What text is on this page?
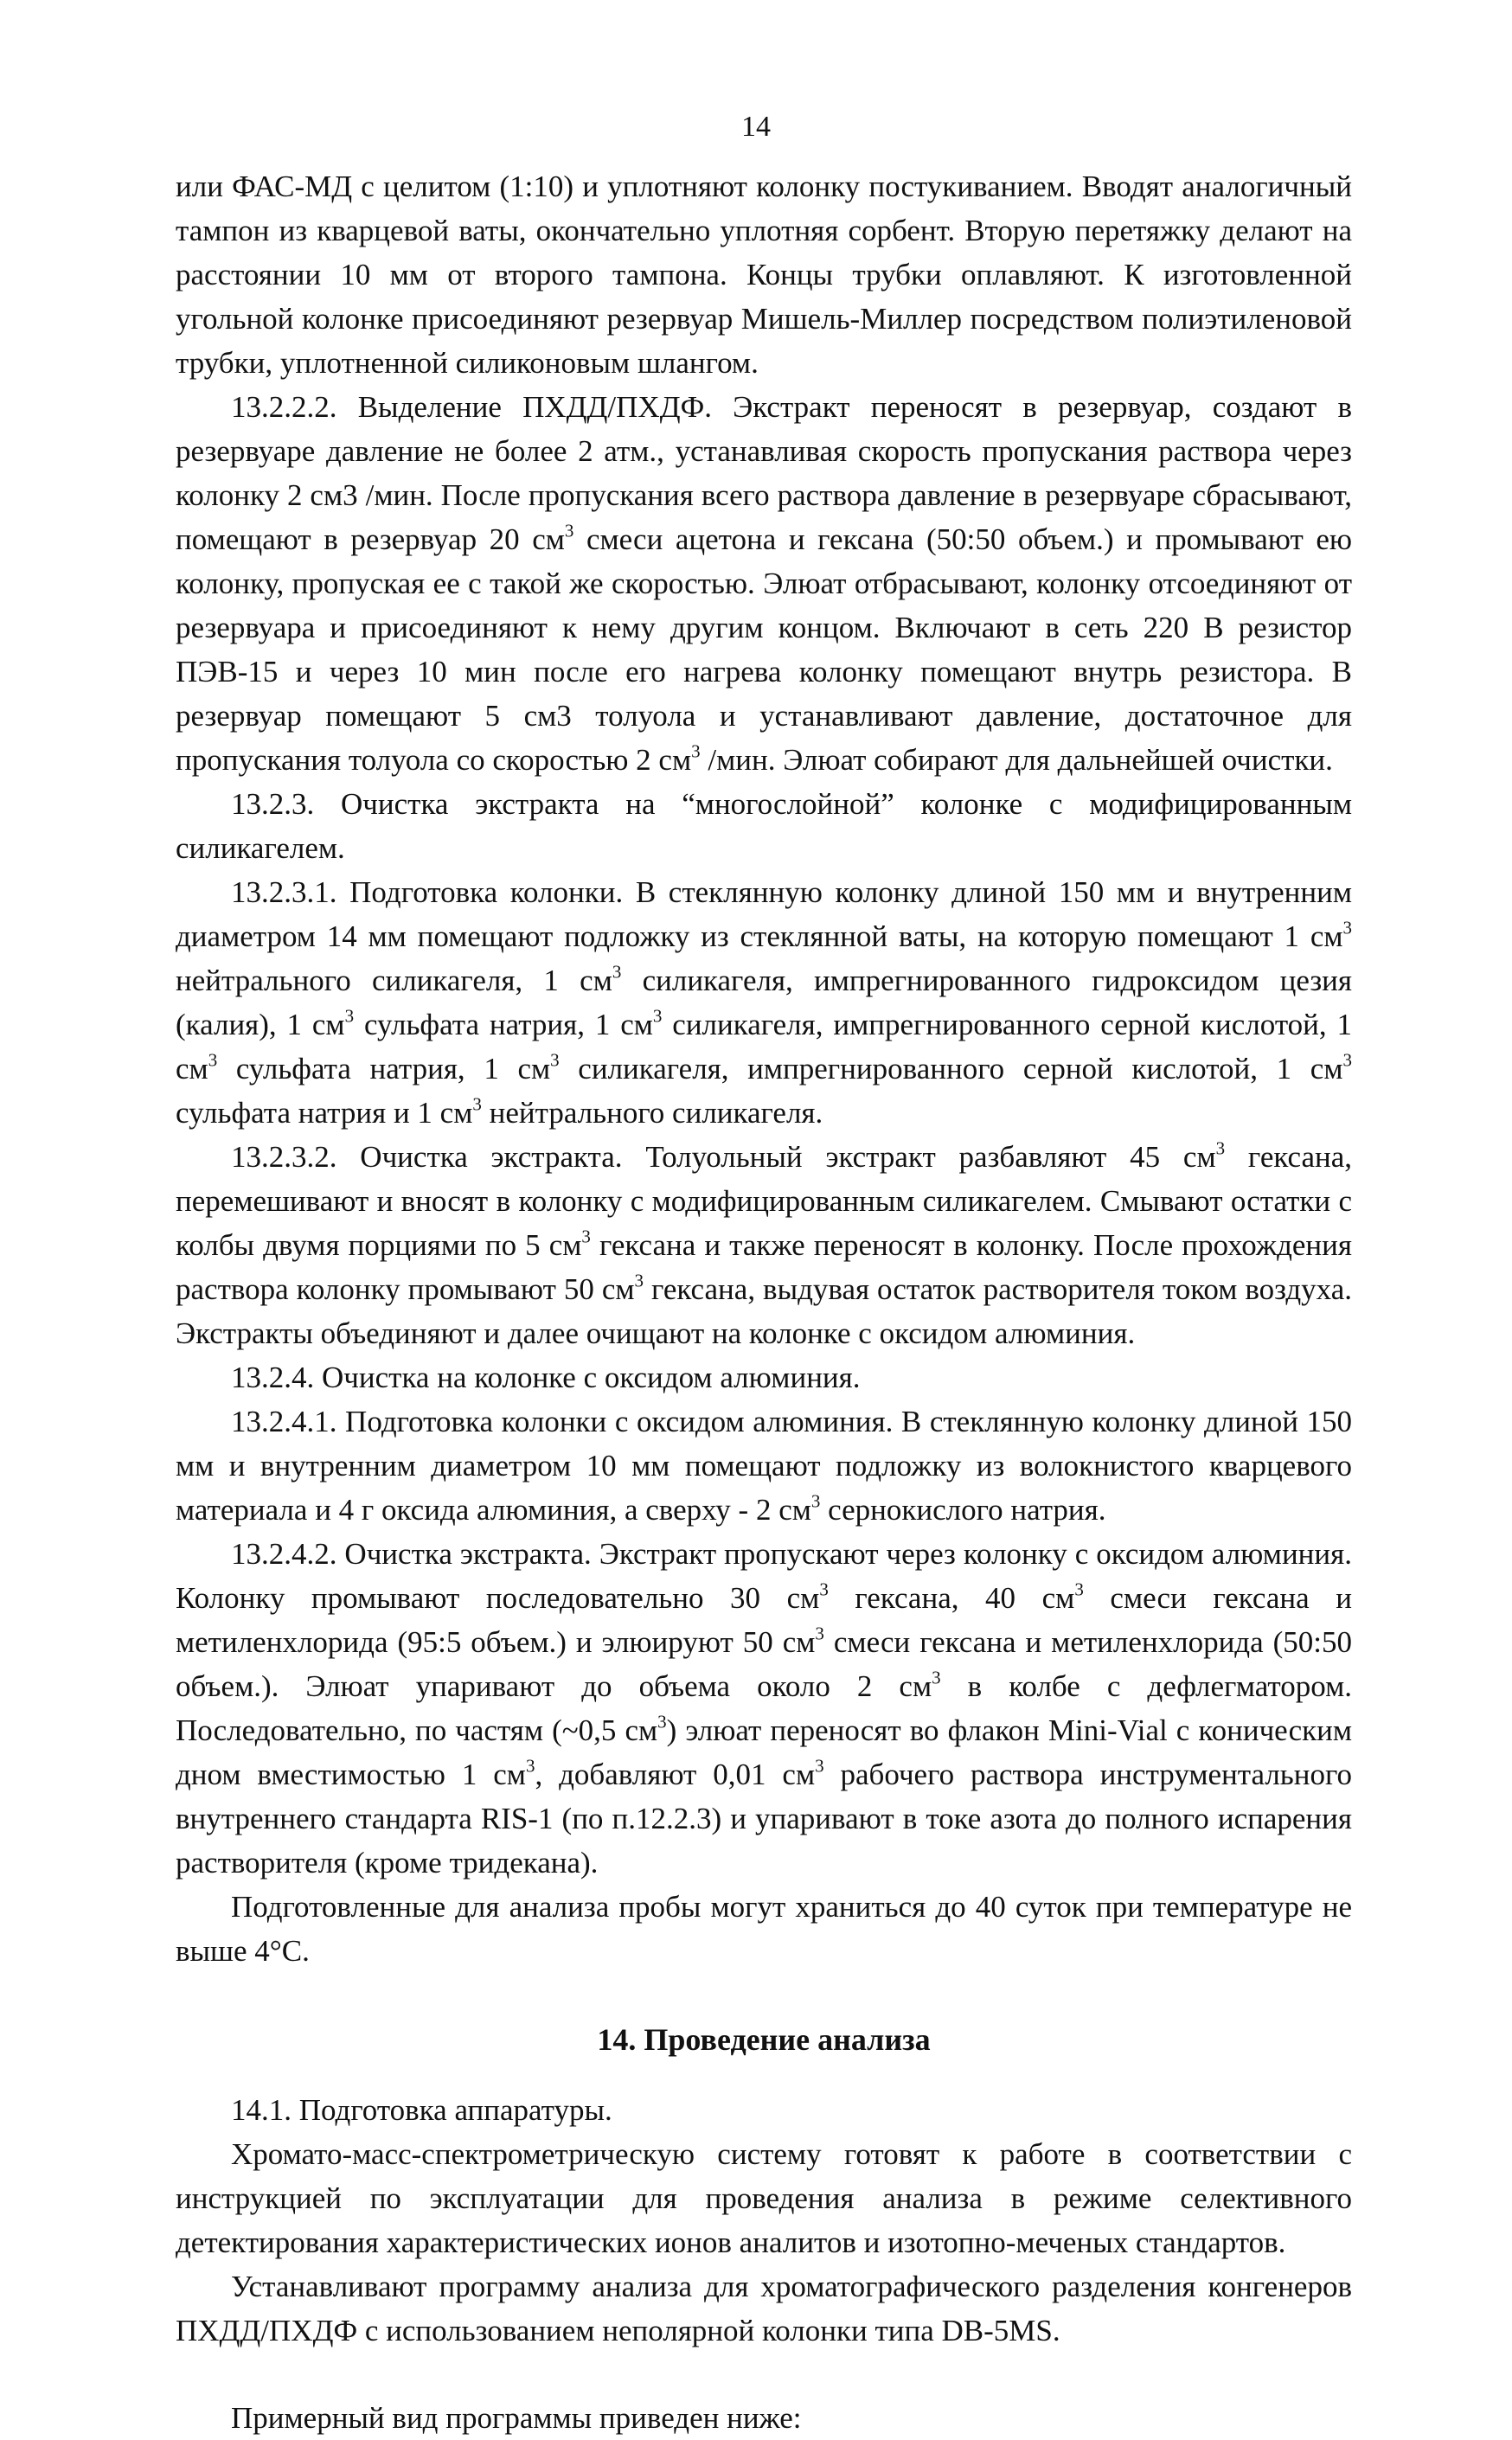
14

или ФАС-МД с целитом (1:10) и уплотняют колонку постукиванием. Вводят аналогичный тампон из кварцевой ваты, окончательно уплотняя сорбент. Вторую перетяжку делают на расстоянии 10 мм от второго тампона. Концы трубки оплавляют. К изготовленной угольной колонке присоединяют резервуар Мишель-Миллер посредством полиэтиленовой трубки, уплотненной силиконовым шлангом.

13.2.2.2. Выделение ПХДД/ПХДФ. Экстракт переносят в резервуар, создают в резервуаре давление не более 2 атм., устанавливая скорость пропускания раствора через колонку 2 см3 /мин. После пропускания всего раствора давление в резервуаре сбрасывают, помещают в резервуар 20 $см^3$ смеси ацетона и гексана (50:50 объем.) и промывают ею колонку, пропуская ее с такой же скоростью. Элюат отбрасывают, колонку отсоединяют от резервуара и присоединяют к нему другим концом. Включают в сеть 220 В резистор ПЭВ-15 и через 10 мин после его нагрева колонку помещают внутрь резистора. В резервуар помещают 5 см3 толуола и устанавливают давление, достаточное для пропускания толуола со скоростью 2 $см^3$ /мин. Элюат собирают для дальнейшей очистки.

13.2.3. Очистка экстракта на “многослойной” колонке с модифицированным силикагелем.

13.2.3.1. Подготовка колонки. В стеклянную колонку длиной 150 мм и внутренним диаметром 14 мм помещают подложку из стеклянной ваты, на которую помещают 1 $см^3$ нейтрального силикагеля, 1 $см^3$ силикагеля, импрегнированного гидроксидом цезия (калия), 1 $см^3$ сульфата натрия, 1 $см^3$ силикагеля, импрегнированного серной кислотой, 1 $см^3$ сульфата натрия, 1 $см^3$ силикагеля, импрегнированного серной кислотой, 1 $см^3$ сульфата натрия и 1 $см^3$ нейтрального силикагеля.

13.2.3.2. Очистка экстракта. Толуольный экстракт разбавляют 45 $см^3$ гексана, перемешивают и вносят в колонку с модифицированным силикагелем. Смывают остатки с колбы двумя порциями по 5 $см^3$ гексана и также переносят в колонку. После прохождения раствора колонку промывают 50 $см^3$ гексана, выдувая остаток растворителя током воздуха. Экстракты объединяют и далее очищают на колонке с оксидом алюминия.

13.2.4. Очистка на колонке с оксидом алюминия.

13.2.4.1. Подготовка колонки с оксидом алюминия. В стеклянную колонку длиной 150 мм и внутренним диаметром 10 мм помещают подложку из волокнистого кварцевого материала и 4 г оксида алюминия, а сверху - 2 $см^3$ сернокислого натрия.

13.2.4.2. Очистка экстракта. Экстракт пропускают через колонку с оксидом алюминия. Колонку промывают последовательно 30 $см^3$ гексана, 40 $см^3$ смеси гексана и метиленхлорида (95:5 объем.) и элюируют 50 $см^3$ смеси гексана и метиленхлорида (50:50 объем.). Элюат упаривают до объема около 2 $см^3$ в колбе с дефлегматором. Последовательно, по частям (~0,5 $см^3$) элюат переносят во флакон Mini-Vial с коническим дном вместимостью 1 $см^3$, добавляют 0,01 $см^3$ рабочего раствора инструментального внутреннего стандарта RIS-1 (по п.12.2.3) и упаривают в токе азота до полного испарения растворителя (кроме тридекана).

Подготовленные для анализа пробы могут храниться до 40 суток при температуре не выше 4°С.

14. Проведение анализа

14.1. Подготовка аппаратуры.

Хромато-масс-спектрометрическую систему готовят к работе в соответствии с инструкцией по эксплуатации для проведения анализа в режиме селективного детектирования характеристических ионов аналитов и изотопно-меченых стандартов.

Устанавливают программу анализа для хроматографического разделения конгенеров ПХДД/ПХДФ с использованием неполярной колонки типа DB-5MS.

Примерный вид программы приведен ниже:
